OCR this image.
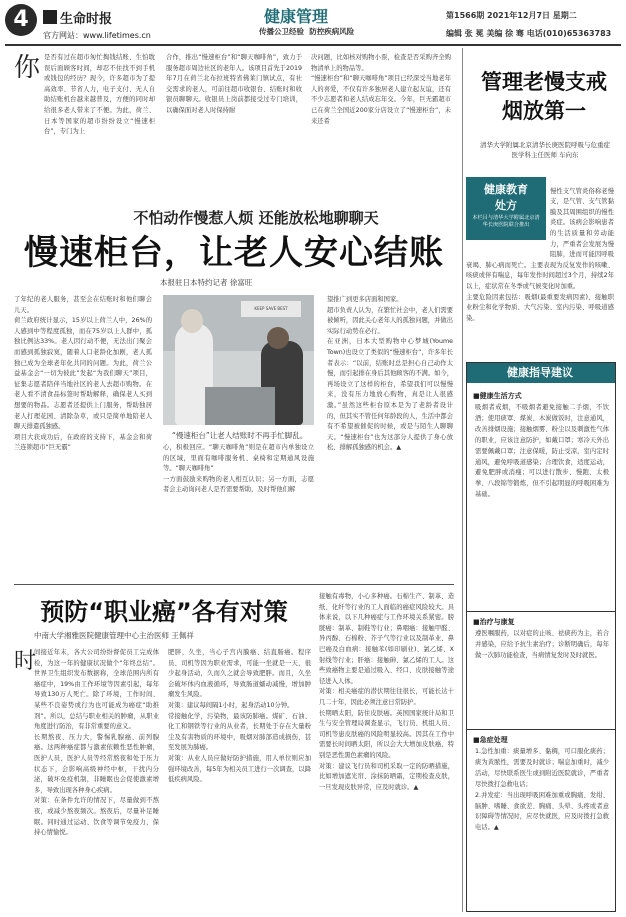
4	生命时报
官方网站：www.lifetimes.cn
健康管理
传播公卫经验 防控疾病风险
第1566期 2021年12月7日 星期二
编辑 张 冕 美编 徐 骞 电话(010)65363783
你 是否有过在超市匆忙掏钱结账、生怕耽误后面顾客时间，却忍不住找不到手机或钱包的经历？现今，许多超市为了提高效率、节省人力，电子支付、无人自助结账机台越来越普及，方便的同时却给很多老人带来了不便。为此，荷兰、日本等国家的超市纷纷设立“慢速柜台”，专门为上
合作，推出“慢速柜台”和“聊天咖啡角”，致力于服务超市周边社区的老年人。该项目首先于2019年7月在荷兰北布拉班特省佛莱门镇试点，有社交需求的老人，可前往超市收银台、结账时和收银员聊聊天。收银员上岗前都接受过专门培训，以确保面对老人时保持耐
决问题，比如核对购物小票，检查是否采购齐全购物清单上的物品等。
“慢速柜台”和“聊天咖啡角”项目已经深受当地老年人的喜爱，不仅有许多独居老人建立起友谊，还有不少志愿者和老人结成忘年交。今年，巨无霸超市已在荷兰全国近200家分店设立了“慢速柜台”，未来还希
不怕动作慢惹人烦 还能放松地聊聊天
慢速柜台，让老人安心结账
本报驻日本特约记者 徐富旺
了年纪的老人服务，甚至会在结账时和他们聊会儿天。
荷兰政府统计显示，15岁以上荷兰人中，26%的人感到中等程度孤独，而在75岁以上人群中，孤独比例达33%。老人因行动不便，无法出门聚会而感到孤独寂寞，随着人口老龄化加剧，老人孤独已成为全球老年化共同的问题。为此，荷兰公益基金会“一切为彼此”发起“为我们聊天”项目，征集志愿者陪伴当地社区的老人去超市购物。在老人看不清食品标签时帮助解释，确保老人买到想要的物品。志愿者还提供上门服务，帮助独居老人打理花园、清除杂草，或只是简单地陪老人聊天排遣孤独感。
项目大获成功后，在政府的支持下，基金会和荷兰连锁超市“巨无霸”
KEEP SAVE BEST
“慢速柜台”让老人结账时不再手忙脚乱。
心，积极回应。“聊天咖啡角”则是在超市内单独设立的区域，里面有咖啡服务机、桌椅和定期通风设施等。“聊天咖啡角”
一方面鼓励来购物的老人相互认识；另一方面，志愿者会主动询问老人是否需要帮助，及时帮他们解
望推广到更多店面和国家。
超市负责人认为，在繁忙社会中，老人们需要被倾听，因此关心老年人的孤独问题，并做出实际行动势在必行。
在亚洲，日本大型购物中心梦城(Youme Town)也设立了类似的“慢速柜台”，许多年长者表示：“以前，结账时总是担心自己动作太慢，而引起排在身后其他顾客的不满。如今，再场设立了这样的柜台，希望我们可以慢慢来，没有压力地放心购物，真是让人很感激。”虽然这些柜台原本是为了老龄者设计的，但其实不管任何年龄段的人，生活中都会有不希望被催促的时候，或是与陌生人聊聊天。“慢速柜台”也为这部分人提供了身心放松、排解孤独感的机会。▲
预防“职业癌”各有对策
中南大学湘雅医院健康管理中心主治医师 王佩祥
时
间接近年末，各大公司纷纷督促员工完成体检，为这一年的健康状况做个“年终总结”。世界卫生组织发布数据称，全球范围内所有癌症中，19%由工作环境等因素引起，每年导致130万人死亡。除了环境，工作时间、某些不良姿势或行为也可能成为癌症“助推剂”。所以，总结与职业相关的肿瘤，从职业角度进行防治，有非常重要的意义。
长期熬夜、压力大，警惕乳腺癌、前列腺癌。这两种癌症都与激素依赖性恶性肿瘤，医护人员、医护人员等经常熬夜和处于压力状态下，会影响高级神经中枢，干扰内分泌，破坏免疫机制，非睡眠也会促使激素增多，导致出现各种身心疾病。
对策：在条件允许的情况下，尽量做到不熬夜，或减少熬夜频次。熬夜后，尽量补足睡眠。同时通过运动、饮食等调节免疫力，保持心情愉悦。
肥胖、久坐，当心子宫内膜癌、结直肠癌。程序员、司机等因为职业需求，可能一坐就是一天，很少起身活动，久而久之就会导致肥胖。而且，久坐会破坏体内血液循环，导致肠道蠕动减慢，增加肿瘤发生风险。
对策：建议每间隔1小时，起身活动10分钟。
常接触化学，污染物，最该防肺癌。煤矿、石油、化工和钢铁等行业的从业者，长期处于存在大量粉尘及有害物质的环境中，吸烟对肺部造成损伤，甚至发展为肺癌。
对策：从业人员应做好防护措施，用人单位则应加强环境改善，每5年为相关员工进行一次调查，以降低疾病风险。
接触有毒物，小心多种癌。石棉生产、制革、造纸、化纤等行业的工人面临的癌症风险较大。具体来说，以下几种癌症与工作环境关系紧密。膀胱癌：制革、制鞋等行业；鼻咽癌：接触甲醛、异丙醇、石棉粉、芥子气等行业以及制革业、鼻巴癌及白血病：接触苯(如印刷业)、氯乙烯、X射线等行业；肝癌：接触砷、氯乙烯的工人。这些致癌物主要是通过吸入、经口、皮肤接触等途径进入人体。
对策：相关癌症的潜伏期往往很长，可能长达十几二十年，因此必须注意日常防护。
长期晒太阳，防住皮肤癌。英国国家统计局和卫生与安全管理局调查显示，飞行员、机组人员、司机等患皮肤癌的风险明显较高。因其在工作中需要长时间晒太阳，所以会大大增加皮肤癌，特别是恶性黑色素瘤的风险。
对策：建议飞行员和司机采取一定的防晒措施，比如增加遮光帘、涂抹防晒霜，定期检查皮肤，一旦发现皮肤异常，应及时就诊。▲
管理老慢支戒烟放第一
清华大学附属北京清华长庚医院呼吸与危重症医学科主任医师 车向东
健康教育
处方
本栏目与清华大学附属北京清华长庚医院联合推出

慢性支气管炎俗称老慢支，是气管、支气管黏膜及其周围组织的慢性炎症。该病会影响患者的生活质量和劳动能力，严重者会发展为慢阻肺，进而可能因呼吸衰竭、肺心病而死亡。主要表现为反复发作的咳嗽、咳痰或伴有喘息，每年发作时间超过3个月，持续2年以上，症状常在冬季或气候变化时加重。
主要危险因素包括：吸烟(最重要发病因素)，接触职业粉尘和化学物质、大气污染、室内污染、呼吸道感染。

健康指导建议
■健康生活方式
吸烟者戒烟，不吸烟者避免接触二手烟，不饮酒；使用痰罩、煤炭、木炭做饭时，注意通风，改善排烟设施；接触烟雾、粉尘以及刺激性气体的职业，应该注意防护，如戴口罩；寒冷天外出需要佩戴口罩；注意保暖，防止受凉，室内定时通风，避免呼吸道感染；合理饮食，适度运动，避免肥胖或消瘦；可以进行散步、慢跑、太极拳、八段锦等锻炼，但不引起明显的呼吸困难为基础。
■治疗与康复
遵医嘱服药，以对症的止咳、祛痰药为主，若合并感染，应给予抗生素治疗；诊断明确后，每年做一次肺功能检查，当病情复发时及时就医。
■急症处理
1.急性加重：痰量增多、黏稠，可口服化痰药；痰为黄脓性，需要及时就诊；喘息加重时，减少活动，尽快联系医生或到附近医院就诊，严重者尽快拨打急救电话；
2.并发症：当出现呼吸困难加重或胸痛、发绀、脑肿、嗜睡、食欲差、胸痛、头晕、头疼或者意识障碍等情况时，应尽快就医，应及时拨打急救电话。▲
